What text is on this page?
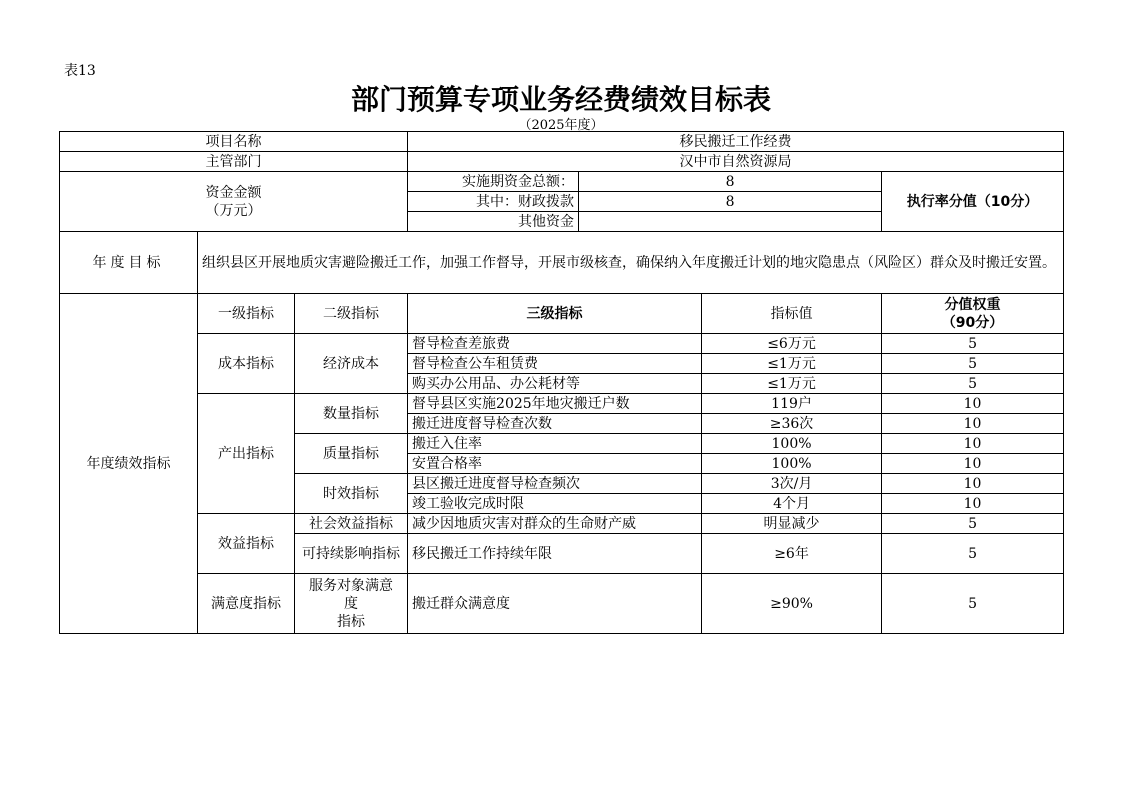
表13
部门预算专项业务经费绩效目标表
（2025年度）
项目名称			移民搬迁工作经费			
主管部门			汉中市自然资源局			

资金金额
（万元）			实施期资金总额：	8		执行率分值（10分）
			其中：财政拨款	8		
			其他资金			
年度目标	组织县区开展地质灾害避险搬迁工作，加强工作督导，开展市级核查，确保纳入年度搬迁计划的地灾隐患点（风险区）群众及时搬迁安置。					
年度绩效指标	一级指标	二级指标	三级指标		指标值	分值权重
（90分）

	成本指标	经济成本	督导检查差旅费		≤6万元	5
			督导检查公车租赁费		≤1万元	5
			购买办公用品、办公耗材等		≤1万元	5
	产出指标	数量指标	督导县区实施2025年地灾搬迁户数		119户	10
			搬迁进度督导检查次数		≥36次	10
		质量指标	搬迁入住率		100%	10
			安置合格率		100%	10
		时效指标	县区搬迁进度督导检查频次		3次/月	10
			竣工验收完成时限		4个月	10
	效益指标	社会效益指标	减少因地质灾害对群众的生命财产威		明显减少	5
		可持续影响指标	移民搬迁工作持续年限		≥6年	5
	满意度指标	服务对象满意
度
指标	搬迁群众满意度		≥90%	5
